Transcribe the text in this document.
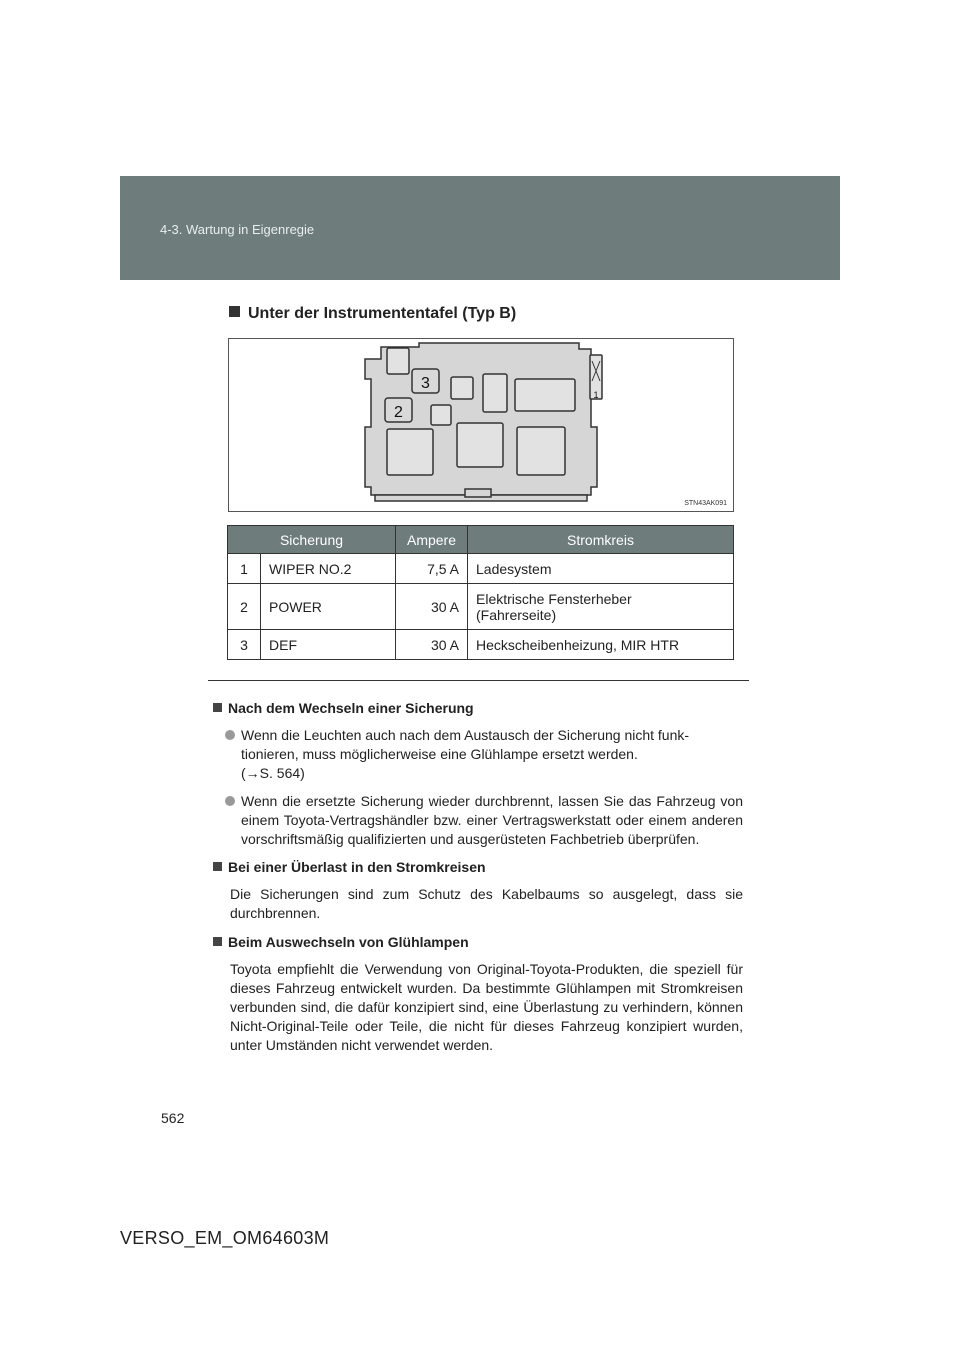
4-3. Wartung in Eigenregie
Unter der Instrumententafel (Typ B)
3
2
1
STN43AK091
Sicherung		Ampere	Stromkreis
1	WIPER NO.2	7,5 A	Ladesystem
2	POWER	30 A	Elektrische Fensterheber
(Fahrerseite)

3	DEF	30 A	Heckscheibenheizung, MIR HTR

Nach dem Wechseln einer Sicherung

Wenn die Leuchten auch nach dem Austausch der Sicherung nicht funk-
tionieren, muss möglicherweise eine Glühlampe ersetzt werden.
(→S. 564)
Wenn die ersetzte Sicherung wieder durchbrennt, lassen Sie das Fahrzeug von einem Toyota-Vertragshändler bzw. einer Vertragswerkstatt oder einem anderen vorschriftsmäßig qualifizierten und ausgerüsteten Fachbetrieb überprüfen.

Bei einer Überlast in den Stromkreisen

Die Sicherungen sind zum Schutz des Kabelbaums so ausgelegt, dass sie durchbrennen.

Beim Auswechseln von Glühlampen

Toyota empfiehlt die Verwendung von Original-Toyota-Produkten, die speziell für dieses Fahrzeug entwickelt wurden. Da bestimmte Glühlampen mit Stromkreisen verbunden sind, die dafür konzipiert sind, eine Überlastung zu verhindern, können Nicht-Original-Teile oder Teile, die nicht für dieses Fahrzeug konzipiert wurden, unter Umständen nicht verwendet werden.

562
VERSO_EM_OM64603M
